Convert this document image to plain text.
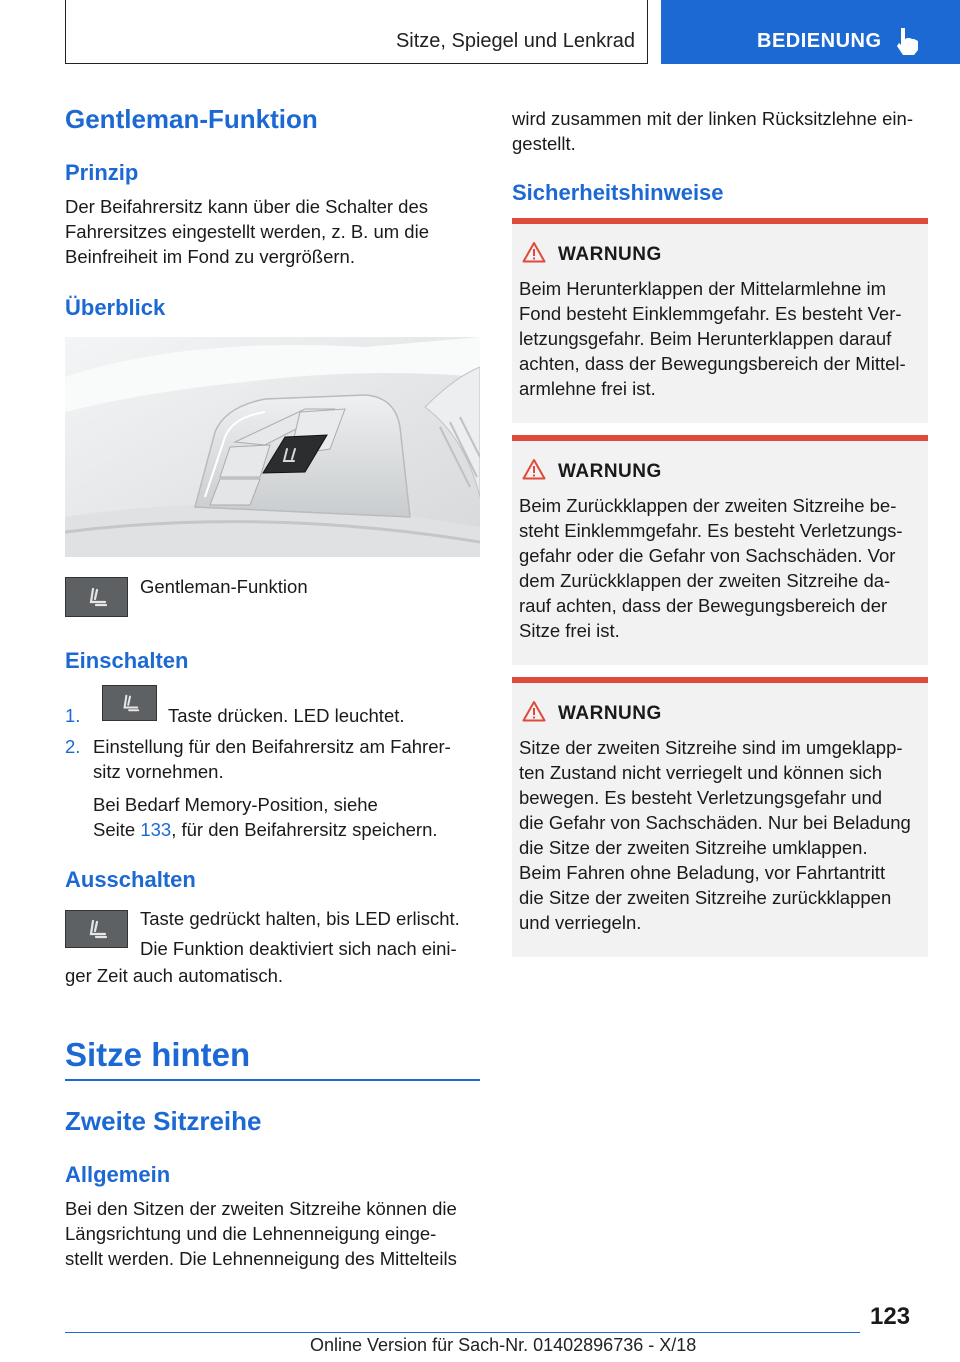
Sitze, Spiegel und Lenkrad	BEDIENUNG
Gentleman-Funktion
Prinzip
Der Beifahrersitz kann über die Schalter des
Fahrersitzes eingestellt werden, z. B. um die
Beinfreiheit im Fond zu vergrößern.
Überblick
Gentleman-Funktion
Einschalten
1.	Taste drücken. LED leuchtet.
2. Einstellung für den Beifahrersitz am Fahrer-
sitz vornehmen.
Bei Bedarf Memory-Position, siehe
Seite 133, für den Beifahrersitz speichern.
Ausschalten
Taste gedrückt halten, bis LED erlischt.
Die Funktion deaktiviert sich nach eini-
ger Zeit auch automatisch.
Sitze hinten
Zweite Sitzreihe
Allgemein
Bei den Sitzen der zweiten Sitzreihe können die
Längsrichtung und die Lehnenneigung einge-
stellt werden. Die Lehnenneigung des Mittelteils
wird zusammen mit der linken Rücksitzlehne ein-
gestellt.
Sicherheitshinweise
WARNUNG
Beim Herunterklappen der Mittelarmlehne im
Fond besteht Einklemmgefahr. Es besteht Ver-
letzungsgefahr. Beim Herunterklappen darauf
achten, dass der Bewegungsbereich der Mittel-
armlehne frei ist.
WARNUNG
Beim Zurückklappen der zweiten Sitzreihe be-
steht Einklemmgefahr. Es besteht Verletzungs-
gefahr oder die Gefahr von Sachschäden. Vor
dem Zurückklappen der zweiten Sitzreihe da-
rauf achten, dass der Bewegungsbereich der
Sitze frei ist.
WARNUNG
Sitze der zweiten Sitzreihe sind im umgeklapp-
ten Zustand nicht verriegelt und können sich
bewegen. Es besteht Verletzungsgefahr und
die Gefahr von Sachschäden. Nur bei Beladung
die Sitze der zweiten Sitzreihe umklappen.
Beim Fahren ohne Beladung, vor Fahrtantritt
die Sitze der zweiten Sitzreihe zurückklappen
und verriegeln.
123
Online Version für Sach-Nr. 01402896736 - X/18
